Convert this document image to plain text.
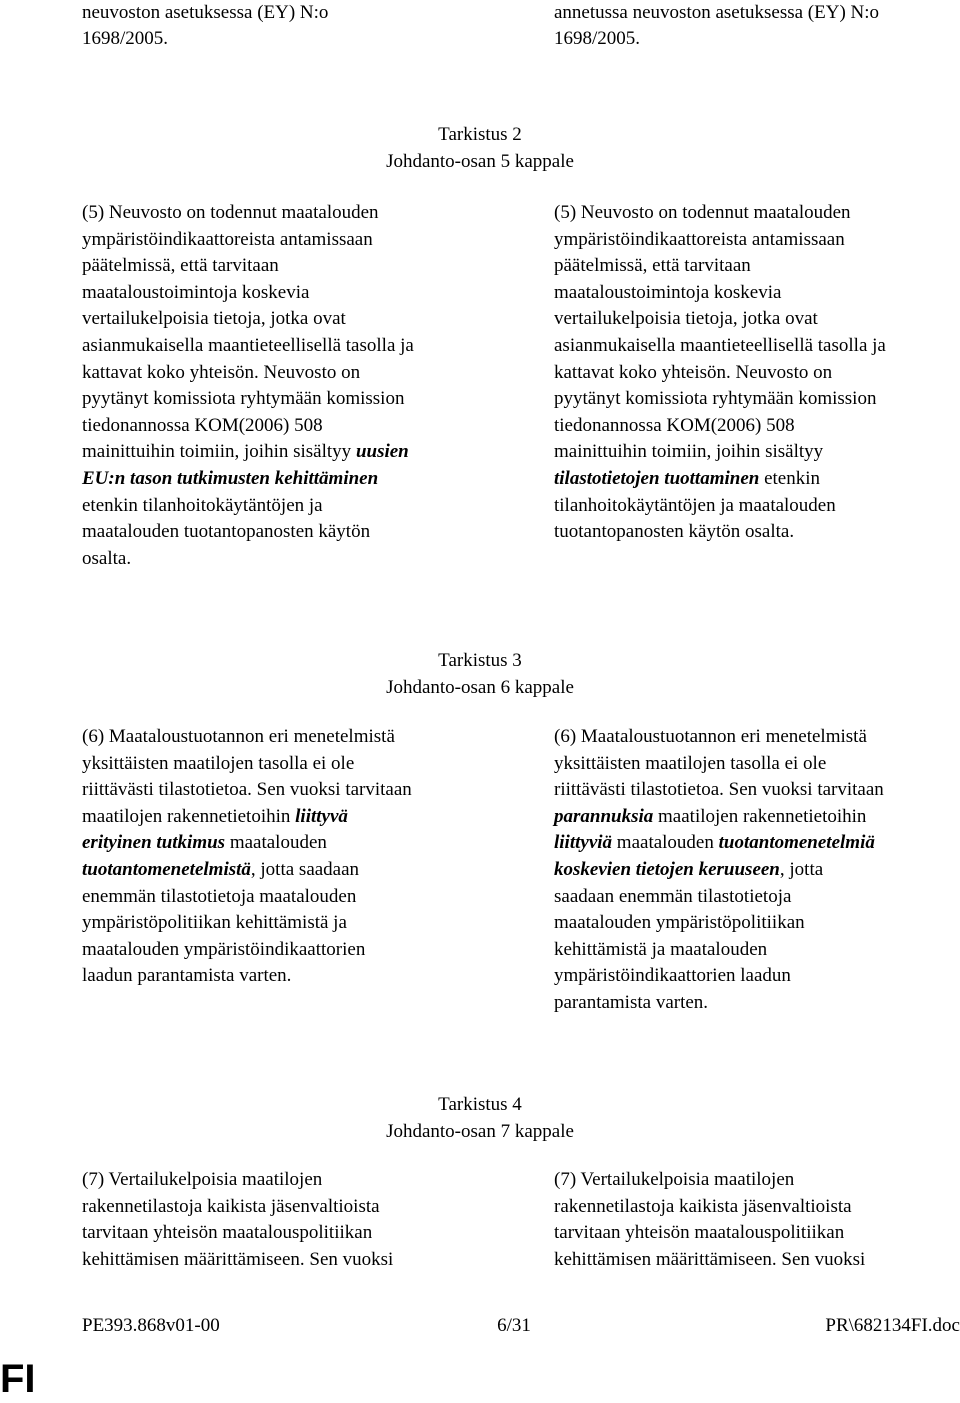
neuvoston asetuksessa (EY) N:o
1698/2005.
annetussa neuvoston asetuksessa (EY) N:o
1698/2005.
Tarkistus 2
Johdanto-osan 5 kappale
(5) Neuvosto on todennut maatalouden
ympäristöindikaattoreista antamissaan
päätelmissä, että tarvitaan
maataloustoimintoja koskevia
vertailukelpoisia tietoja, jotka ovat
asianmukaisella maantieteellisellä tasolla ja
kattavat koko yhteisön. Neuvosto on
pyytänyt komissiota ryhtymään komission
tiedonannossa KOM(2006) 508
mainittuihin toimiin, joihin sisältyy uusien
EU:n tason tutkimusten kehittäminen
etenkin tilanhoitokäytäntöjen ja
maatalouden tuotantopanosten käytön
osalta.
(5) Neuvosto on todennut maatalouden
ympäristöindikaattoreista antamissaan
päätelmissä, että tarvitaan
maataloustoimintoja koskevia
vertailukelpoisia tietoja, jotka ovat
asianmukaisella maantieteellisellä tasolla ja
kattavat koko yhteisön. Neuvosto on
pyytänyt komissiota ryhtymään komission
tiedonannossa KOM(2006) 508
mainittuihin toimiin, joihin sisältyy
tilastotietojen tuottaminen etenkin
tilanhoitokäytäntöjen ja maatalouden
tuotantopanosten käytön osalta.
Tarkistus 3
Johdanto-osan 6 kappale
(6) Maataloustuotannon eri menetelmistä
yksittäisten maatilojen tasolla ei ole
riittävästi tilastotietoa. Sen vuoksi tarvitaan
maatilojen rakennetietoihin liittyvä
erityinen tutkimus maatalouden
tuotantomenetelmistä, jotta saadaan
enemmän tilastotietoja maatalouden
ympäristöpolitiikan kehittämistä ja
maatalouden ympäristöindikaattorien
laadun parantamista varten.
(6) Maataloustuotannon eri menetelmistä
yksittäisten maatilojen tasolla ei ole
riittävästi tilastotietoa. Sen vuoksi tarvitaan
parannuksia maatilojen rakennetietoihin
liittyviä maatalouden tuotantomenetelmiä
koskevien tietojen keruuseen, jotta
saadaan enemmän tilastotietoja
maatalouden ympäristöpolitiikan
kehittämistä ja maatalouden
ympäristöindikaattorien laadun
parantamista varten.
Tarkistus 4
Johdanto-osan 7 kappale
(7) Vertailukelpoisia maatilojen
rakennetilastoja kaikista jäsenvaltioista
tarvitaan yhteisön maatalouspolitiikan
kehittämisen määrittämiseen. Sen vuoksi
(7) Vertailukelpoisia maatilojen
rakennetilastoja kaikista jäsenvaltioista
tarvitaan yhteisön maatalouspolitiikan
kehittämisen määrittämiseen. Sen vuoksi
PE393.868v01-00	6/31	PR\682134FI.doc
FI
